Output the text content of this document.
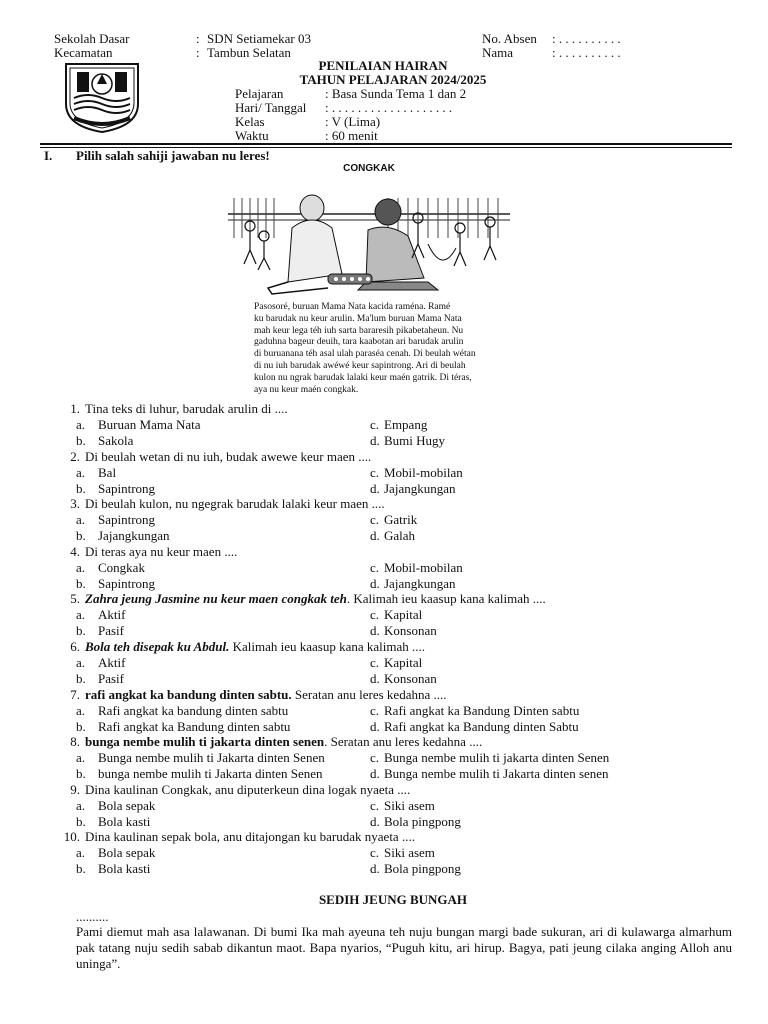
Sekolah Dasar	: SDN Setiamekar 03
Kecamatan	: Tambun Selatan
No. Absen : . . . . . . . . . .
Nama	: . . . . . . . . . .
PENILAIAN HAIRAN
TAHUN PELAJARAN 2024/2025
Pelajaran	: Basa Sunda Tema 1 dan 2
Hari/ Tanggal : . . . . . . . . . . . . . . . . . . .
Kelas	: V (Lima)
Waktu	: 60 menit
I. Pilih salah sahiji jawaban nu leres!
CONGKAK
Pasosoré, buruan Mama Nata kacida raména. Ramé
ku barudak nu keur arulin. Ma'lum buruan Mama Nata
mah keur lega téh iuh sarta bararesih pikabetaheun. Nu
gaduhna bageur deuih, tara kaabotan ari barudak arulin
di buruanana téh asal ulah paraséa cenah. Di beulah wétan
di nu iuh barudak awéwé keur sapintrong. Ari di beulah
kulon nu ngrak barudak lalaki keur maén gatrik. Di téras,
aya nu keur maén congkak.
1. Tina teks di luhur, barudak arulin di ....
a. Buruan Mama Nata
b. Sakola
c. Empang
d. Bumi Hugy
2. Di beulah wetan di nu iuh, budak awewe keur maen ....
a. Bal
b. Sapintrong
c. Mobil-mobilan
d. Jajangkungan
3. Di beulah kulon, nu ngegrak barudak lalaki keur maen ....
a. Sapintrong
b. Jajangkungan
c. Gatrik
d. Galah
4. Di teras aya nu keur maen ....
a. Congkak
b. Sapintrong
c. Mobil-mobilan
d. Jajangkungan
5. Zahra jeung Jasmine nu keur maen congkak teh. Kalimah ieu kaasup kana kalimah ....
a. Aktif
b. Pasif
c. Kapital
d. Konsonan
6. Bola teh disepak ku Abdul. Kalimah ieu kaasup kana kalimah ....
a. Aktif
b. Pasif
c. Kapital
d. Konsonan
7. rafi angkat ka bandung dinten sabtu. Seratan anu leres kedahna ....
a. Rafi angkat ka bandung dinten sabtu
b. Rafi angkat ka Bandung dinten sabtu
c. Rafi angkat ka Bandung Dinten sabtu
d. Rafi angkat ka Bandung dinten Sabtu
8. bunga nembe mulih ti jakarta dinten senen. Seratan anu leres kedahna ....
a. Bunga nembe mulih ti Jakarta dinten Senen
b. bunga nembe mulih ti Jakarta dinten Senen
c. Bunga nembe mulih ti jakarta dinten Senen
d. Bunga nembe mulih ti Jakarta dinten senen
9. Dina kaulinan Congkak, anu diputerkeun dina logak nyaeta ....
a. Bola sepak
b. Bola kasti
c. Siki asem
d. Bola pingpong
10. Dina kaulinan sepak bola, anu ditajongan ku barudak nyaeta ....
a. Bola sepak
b. Bola kasti
c. Siki asem
d. Bola pingpong
SEDIH JEUNG BUNGAH
..........
Pami diemut mah asa lalawanan. Di bumi Ika mah ayeuna teh nuju bungan margi bade sukuran, ari di kulawarga almarhum pak tatang nuju sedih sabab dikantun maot. Bapa nyarios, “Puguh kitu, ari hirup. Bagya, pati jeung cilaka anging Alloh anu uninga”.
